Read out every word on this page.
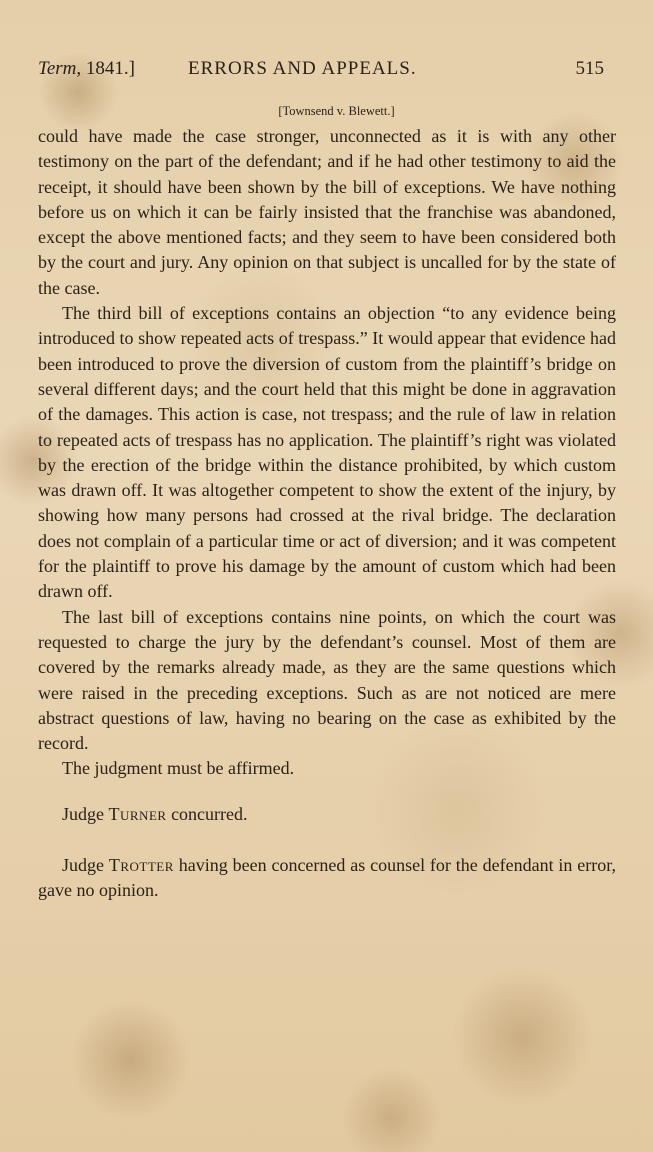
Term, 1841.]	ERRORS AND APPEALS.	515
[Townsend v. Blewett.]

could have made the case stronger, unconnected as it is with any other testimony on the part of the defendant; and if he had other testimony to aid the receipt, it should have been shown by the bill of exceptions. We have nothing before us on which it can be fairly insisted that the franchise was abandoned, except the above mentioned facts; and they seem to have been considered both by the court and jury. Any opinion on that subject is uncalled for by the state of the case.

The third bill of exceptions contains an objection “to any evidence being introduced to show repeated acts of trespass.” It would appear that evidence had been introduced to prove the diversion of custom from the plaintiff’s bridge on several different days; and the court held that this might be done in aggravation of the damages. This action is case, not trespass; and the rule of law in relation to repeated acts of trespass has no application. The plaintiff’s right was violated by the erection of the bridge within the distance prohibited, by which custom was drawn off. It was altogether competent to show the extent of the injury, by showing how many persons had crossed at the rival bridge. The declaration does not complain of a particular time or act of diversion; and it was competent for the plaintiff to prove his damage by the amount of custom which had been drawn off.

The last bill of exceptions contains nine points, on which the court was requested to charge the jury by the defendant’s counsel. Most of them are covered by the remarks already made, as they are the same questions which were raised in the preceding exceptions. Such as are not noticed are mere abstract questions of law, having no bearing on the case as exhibited by the record.

The judgment must be affirmed.

Judge Turner concurred.

Judge Trotter having been concerned as counsel for the defendant in error, gave no opinion.
